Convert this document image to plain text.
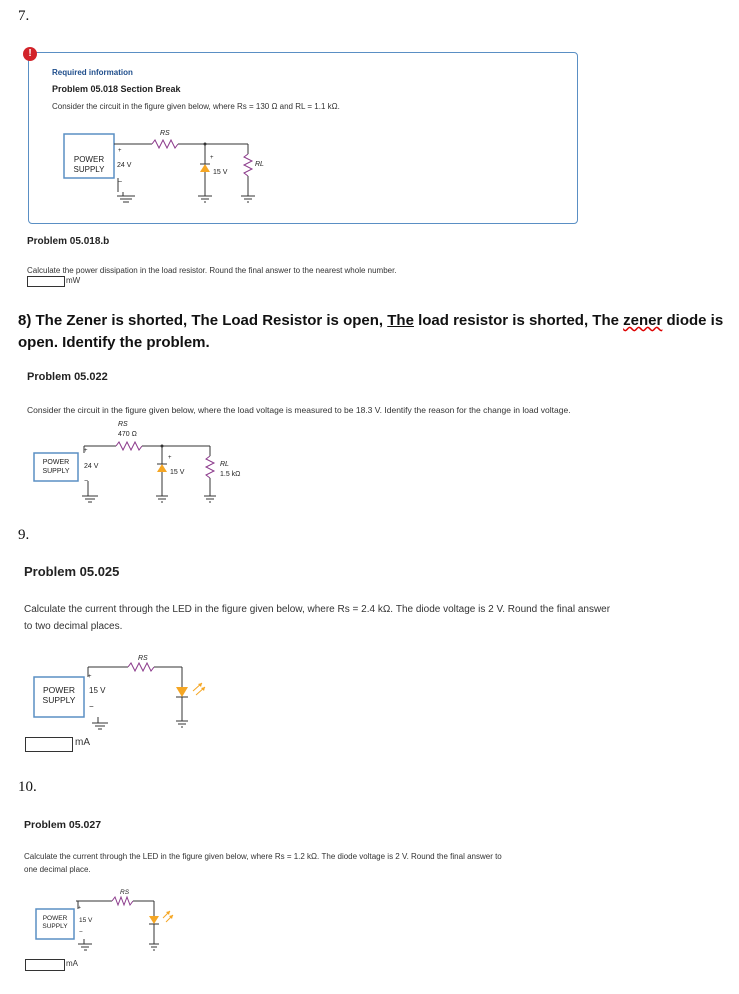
7.
!
Required information
Problem 05.018 Section Break
Consider the circuit in the figure given below, where Rs = 130 Ω and RL = 1.1 kΩ.
POWER
SUPPLY 24 V
+
−
RS
+
15 V
RL
Problem 05.018.b
Calculate the power dissipation in the load resistor. Round the final answer to the nearest whole number.
mW
8) The Zener is shorted, The Load Resistor is open, The load resistor is shorted, The zener diode is
open. Identify the problem.
Problem 05.022
Consider the circuit in the figure given below, where the load voltage is measured to be 18.3 V. Identify the reason for the change in load voltage.
RS
470 Ω
POWER
SUPPLY
+
24 V
−
+
15 V
RL
1.5 kΩ
9.
Problem 05.025
Calculate the current through the LED in the figure given below, where Rs = 2.4 kΩ. The diode voltage is 2 V. Round the final answer
to two decimal places.
RS
POWER
SUPPLY
+
15 V
−
mA
10.
Problem 05.027
Calculate the current through the LED in the figure given below, where Rs = 1.2 kΩ. The diode voltage is 2 V. Round the final answer to
one decimal place.
RS
POWER
SUPPLY
+
15 V
−
mA
